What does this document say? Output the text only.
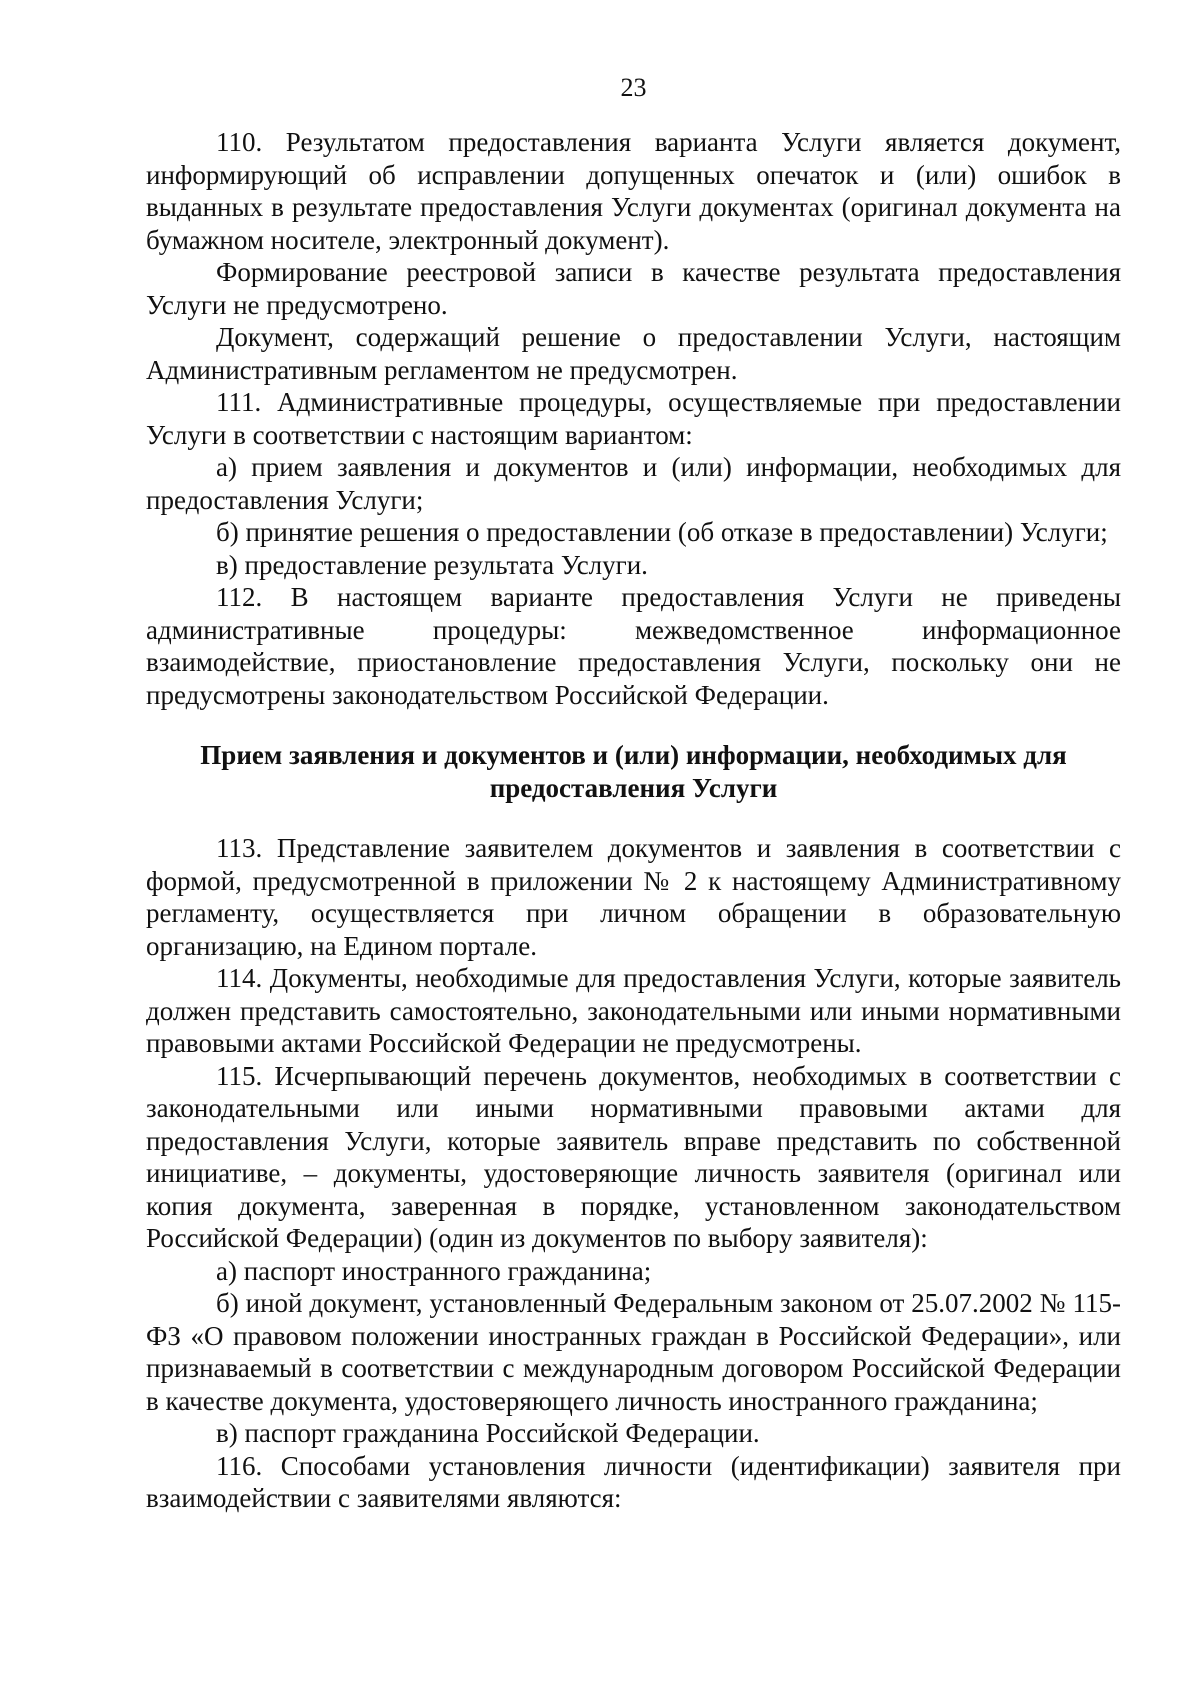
23

110. Результатом предоставления варианта Услуги является документ, информирующий об исправлении допущенных опечаток и (или) ошибок в выданных в результате предоставления Услуги документах (оригинал документа на бумажном носителе, электронный документ).

Формирование реестровой записи в качестве результата предоставления Услуги не предусмотрено.

Документ, содержащий решение о предоставлении Услуги, настоящим Административным регламентом не предусмотрен.

111. Административные процедуры, осуществляемые при предоставлении Услуги в соответствии с настоящим вариантом:

а) прием заявления и документов и (или) информации, необходимых для предоставления Услуги;

б) принятие решения о предоставлении (об отказе в предоставлении) Услуги;

в) предоставление результата Услуги.

112. В настоящем варианте предоставления Услуги не приведены административные процедуры: межведомственное информационное взаимодействие, приостановление предоставления Услуги, поскольку они не предусмотрены законодательством Российской Федерации.

Прием заявления и документов и (или) информации, необходимых для
предоставления Услуги

113. Представление заявителем документов и заявления в соответствии с формой, предусмотренной в приложении № 2 к настоящему Административному регламенту, осуществляется при личном обращении в образовательную организацию, на Едином портале.

114. Документы, необходимые для предоставления Услуги, которые заявитель должен представить самостоятельно, законодательными или иными нормативными правовыми актами Российской Федерации не предусмотрены.

115. Исчерпывающий перечень документов, необходимых в соответствии с законодательными или иными нормативными правовыми актами для предоставления Услуги, которые заявитель вправе представить по собственной инициативе, – документы, удостоверяющие личность заявителя (оригинал или копия документа, заверенная в порядке, установленном законодательством Российской Федерации) (один из документов по выбору заявителя):

а) паспорт иностранного гражданина;

б) иной документ, установленный Федеральным законом от 25.07.2002 № 115-ФЗ «О правовом положении иностранных граждан в Российской Федерации», или признаваемый в соответствии с международным договором Российской Федерации в качестве документа, удостоверяющего личность иностранного гражданина;

в) паспорт гражданина Российской Федерации.

116. Способами установления личности (идентификации) заявителя при взаимодействии с заявителями являются:
